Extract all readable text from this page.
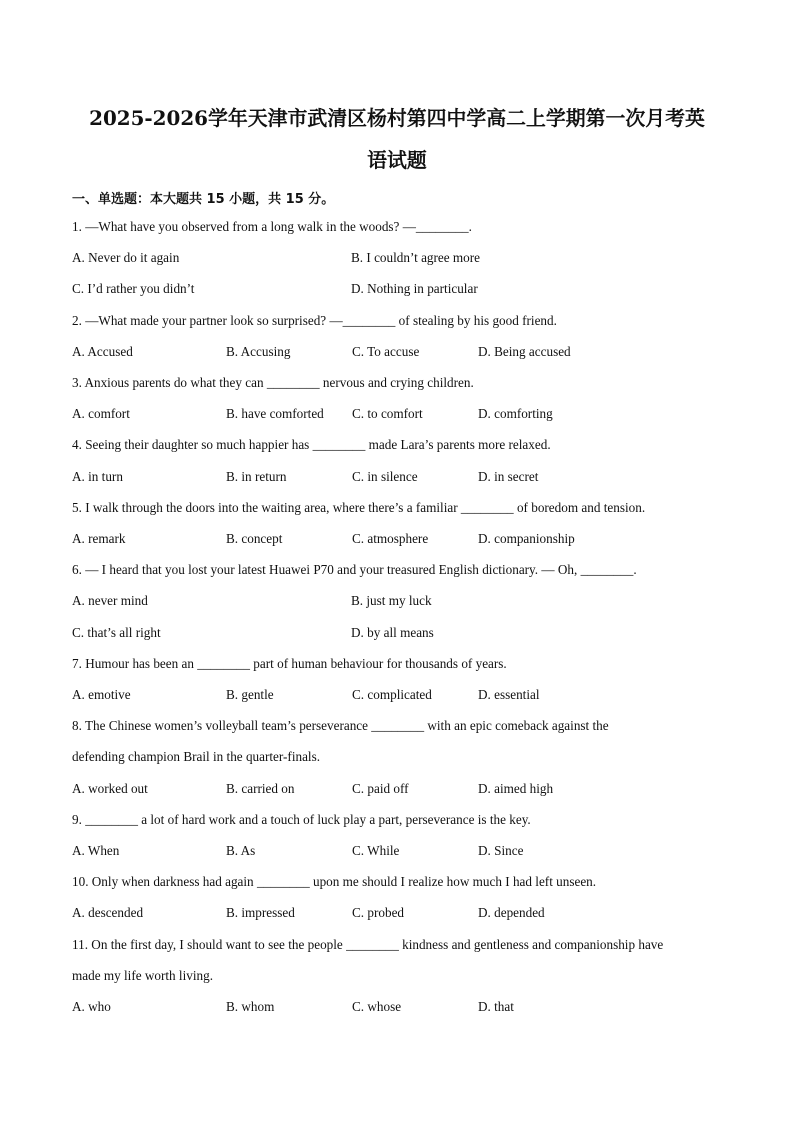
2025-2026学年天津市武清区杨村第四中学高二上学期第一次月考英
语试题
一、单选题：本大题共 15 小题，共 15 分。
1. —What have you observed from a long walk in the woods? —________.
A. Never do it again	B. I couldn’t agree more
C. I’d rather you didn’t	D. Nothing in particular
2. —What made your partner look so surprised? —________ of stealing by his good friend.
A. Accused	B. Accusing	C. To accuse	D. Being accused
3. Anxious parents do what they can ________ nervous and crying children.
A. comfort	B. have comforted C. to comfort	D. comforting
4. Seeing their daughter so much happier has ________ made Lara’s parents more relaxed.
A. in turn	B. in return	C. in silence	D. in secret
5. I walk through the doors into the waiting area, where there’s a familiar ________ of boredom and tension.
A. remark	B. concept	C. atmosphere	D. companionship
6. — I heard that you lost your latest Huawei P70 and your treasured English dictionary. — Oh, ________.
A. never mind	B. just my luck
C. that’s all right	D. by all means
7. Humour has been an ________ part of human behaviour for thousands of years.
A. emotive	B. gentle	C. complicated	D. essential
8. The Chinese women’s volleyball team’s perseverance ________ with an epic comeback against the
defending champion Brail in the quarter-finals.
A. worked out	B. carried on	C. paid off	D. aimed high
9. ________ a lot of hard work and a touch of luck play a part, perseverance is the key.
A. When	B. As	C. While	D. Since
10. Only when darkness had again ________ upon me should I realize how much I had left unseen.
A. descended	B. impressed	C. probed	D. depended
11. On the first day, I should want to see the people ________ kindness and gentleness and companionship have
made my life worth living.
A. who	B. whom	C. whose	D. that
